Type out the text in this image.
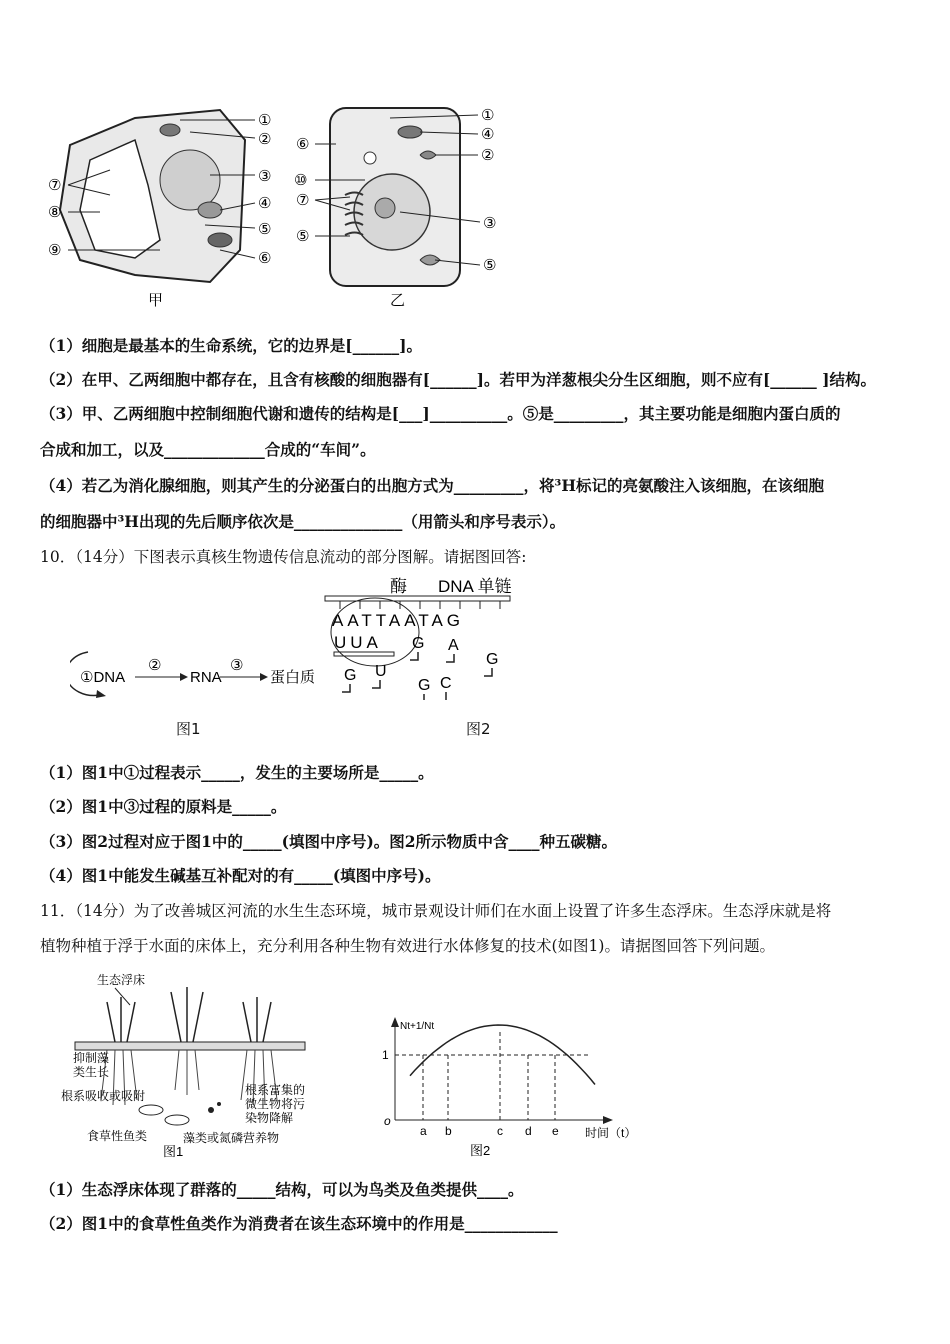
①
②
③
④
⑤
⑥
⑦
⑧
⑨
甲
①
④
②
③
⑤
⑥
⑩
⑦
⑤
乙
（1）细胞是最基本的生命系统，它的边界是[______]。
（2）在甲、乙两细胞中都存在，且含有核酸的细胞器有[______]。若甲为洋葱根尖分生区细胞，则不应有[______ ]结构。
（3）甲、乙两细胞中控制细胞代谢和遗传的结构是[___]__________。⑤是_________，其主要功能是细胞内蛋白质的
合成和加工，以及_____________合成的“车间”。
（4）若乙为消化腺细胞，则其产生的分泌蛋白的出胞方式为_________，将³H标记的亮氨酸注入该细胞，在该细胞
的细胞器中³H出现的先后顺序依次是______________（用箭头和序号表示）。
10．（14分）下图表示真核生物遗传信息流动的部分图解。请据图回答:
①DNA
②
RNA
③
蛋白质
图1
酶 DNA 单链
AATTAATAG
UUA G A
G
G U
G C
图2
（1）图1中①过程表示_____，发生的主要场所是_____。
（2）图1中③过程的原料是_____。
（3）图2过程对应于图1中的_____(填图中序号)。图2所示物质中含____种五碳糖。
（4）图1中能发生碱基互补配对的有_____(填图中序号)。
11．（14分）为了改善城区河流的水生生态环境，城市景观设计师们在水面上设置了许多生态浮床。生态浮床就是将
植物种植于浮于水面的床体上，充分利用各种生物有效进行水体修复的技术(如图1)。请据图回答下列问题。
生态浮床
抑制藻
类生长
根系吸收或吸附
食草性鱼类	藻类或氮磷营养物
根系富集的
微生物将污
染物降解
图1
Nt+1/Nt
o
1
a b	c d e 时间（t）
图2
（1）生态浮床体现了群落的_____结构，可以为鸟类及鱼类提供____。
（2）图1中的食草性鱼类作为消费者在该生态环境中的作用是____________
